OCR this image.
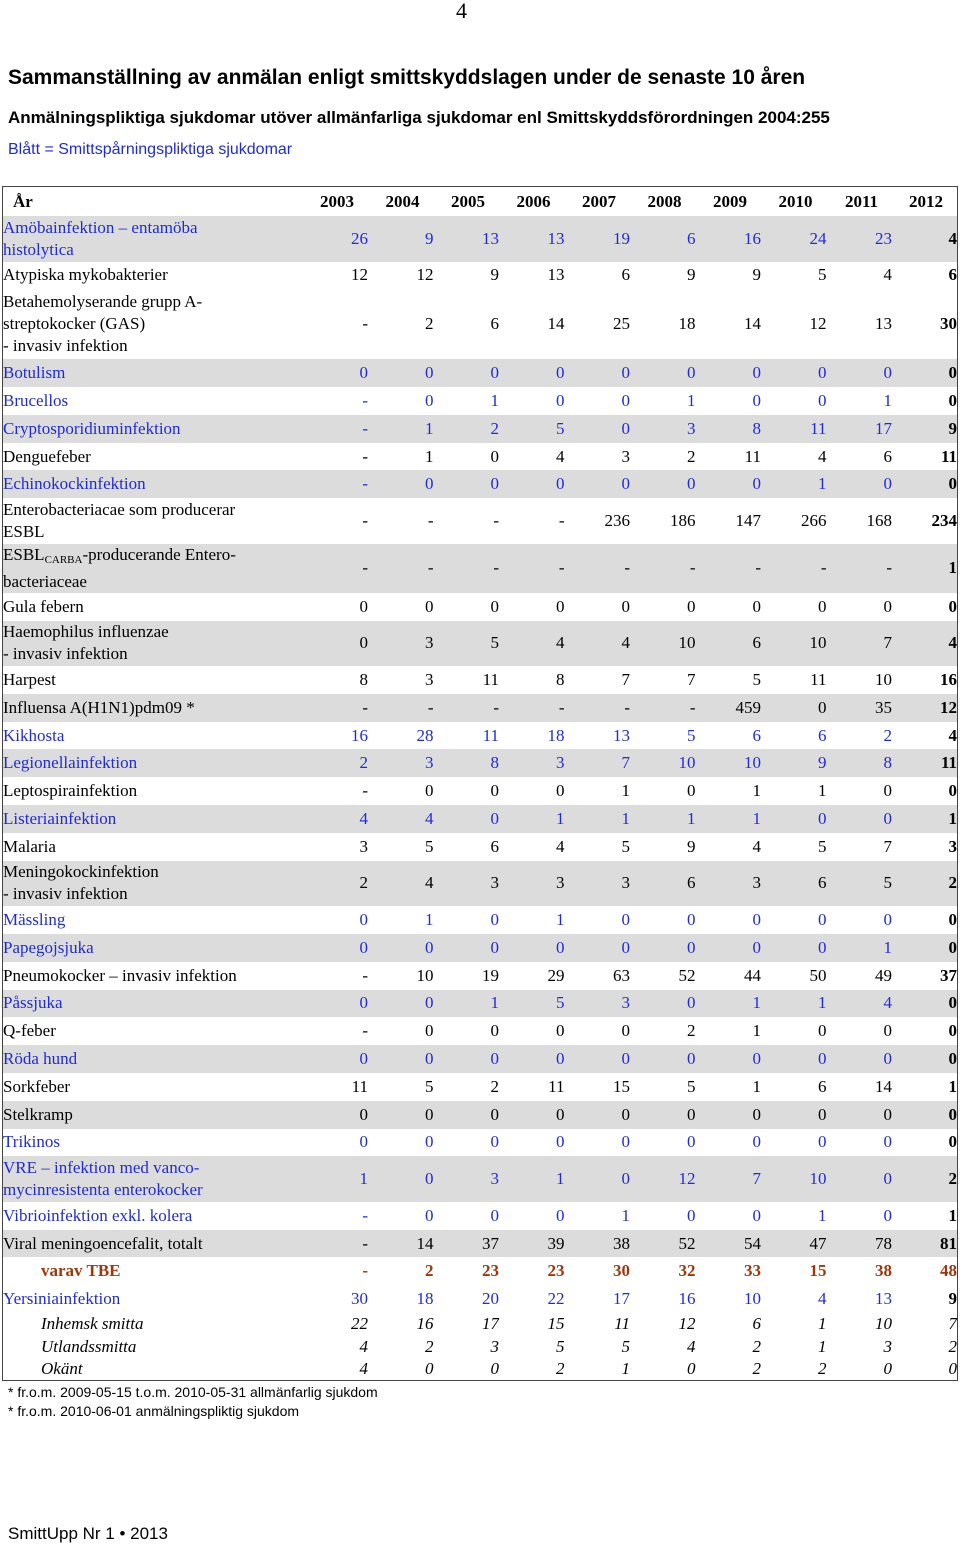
4
Sammanställning av anmälan enligt smittskyddslagen under de senaste 10 åren
Anmälningspliktiga sjukdomar utöver allmänfarliga sjukdomar enl Smittskyddsförordningen 2004:255
Blått = Smittspårningspliktiga sjukdomar
År	2003	2004	2005	2006	2007	2008	2009	2010	2011	2012
Amöbainfektion – entamöba
histolytica	26	9	13	13	19	6	16	24	23	4
Atypiska mykobakterier	12	12	9	13	6	9	9	5	4	6
Betahemolyserande grupp A-
streptokocker (GAS)
- invasiv infektion	-	2	6	14	25	18	14	12	13	30
Botulism	0	0	0	0	0	0	0	0	0	0
Brucellos	-	0	1	0	0	1	0	0	1	0
Cryptosporidiuminfektion	-	1	2	5	0	3	8	11	17	9
Denguefeber	-	1	0	4	3	2	11	4	6	11
Echinokockinfektion	-	0	0	0	0	0	0	1	0	0
Enterobacteriacae som producerar
ESBL	-	-	-	-	236	186	147	266	168	234
$ESBL_{CARBA}$-producerande Entero-
bacteriaceae	-	-	-	-	-	-	-	-	-	1
Gula febern	0	0	0	0	0	0	0	0	0	0
Haemophilus influenzae
- invasiv infektion	0	3	5	4	4	10	6	10	7	4
Harpest	8	3	11	8	7	7	5	11	10	16
Influensa A(H1N1)pdm09 *	-	-	-	-	-	-	459	0	35	12
Kikhosta	16	28	11	18	13	5	6	6	2	4
Legionellainfektion	2	3	8	3	7	10	10	9	8	11
Leptospirainfektion	-	0	0	0	1	0	1	1	0	0
Listeriainfektion	4	4	0	1	1	1	1	0	0	1
Malaria	3	5	6	4	5	9	4	5	7	3
Meningokockinfektion
- invasiv infektion	2	4	3	3	3	6	3	6	5	2
Mässling	0	1	0	1	0	0	0	0	0	0
Papegojsjuka	0	0	0	0	0	0	0	0	1	0
Pneumokocker – invasiv infektion	-	10	19	29	63	52	44	50	49	37
Påssjuka	0	0	1	5	3	0	1	1	4	0
Q-feber	-	0	0	0	0	2	1	0	0	0
Röda hund	0	0	0	0	0	0	0	0	0	0
Sorkfeber	11	5	2	11	15	5	1	6	14	1
Stelkramp	0	0	0	0	0	0	0	0	0	0
Trikinos	0	0	0	0	0	0	0	0	0	0
VRE – infektion med vanco-
mycinresistenta enterokocker	1	0	3	1	0	12	7	10	0	2
Vibrioinfektion exkl. kolera	-	0	0	0	1	0	0	1	0	1
Viral meningoencefalit, totalt	-	14	37	39	38	52	54	47	78	81
varav TBE	-	2	23	23	30	32	33	15	38	48
Yersiniainfektion	30	18	20	22	17	16	10	4	13	9
Inhemsk smitta	22	16	17	15	11	12	6	1	10	7
Utlandssmitta	4	2	3	5	5	4	2	1	3	2
Okänt	4	0	0	2	1	0	2	2	0	0
* fr.o.m. 2009-05-15 t.o.m. 2010-05-31 allmänfarlig sjukdom
* fr.o.m. 2010-06-01 anmälningspliktig sjukdom
SmittUpp Nr 1 • 2013
